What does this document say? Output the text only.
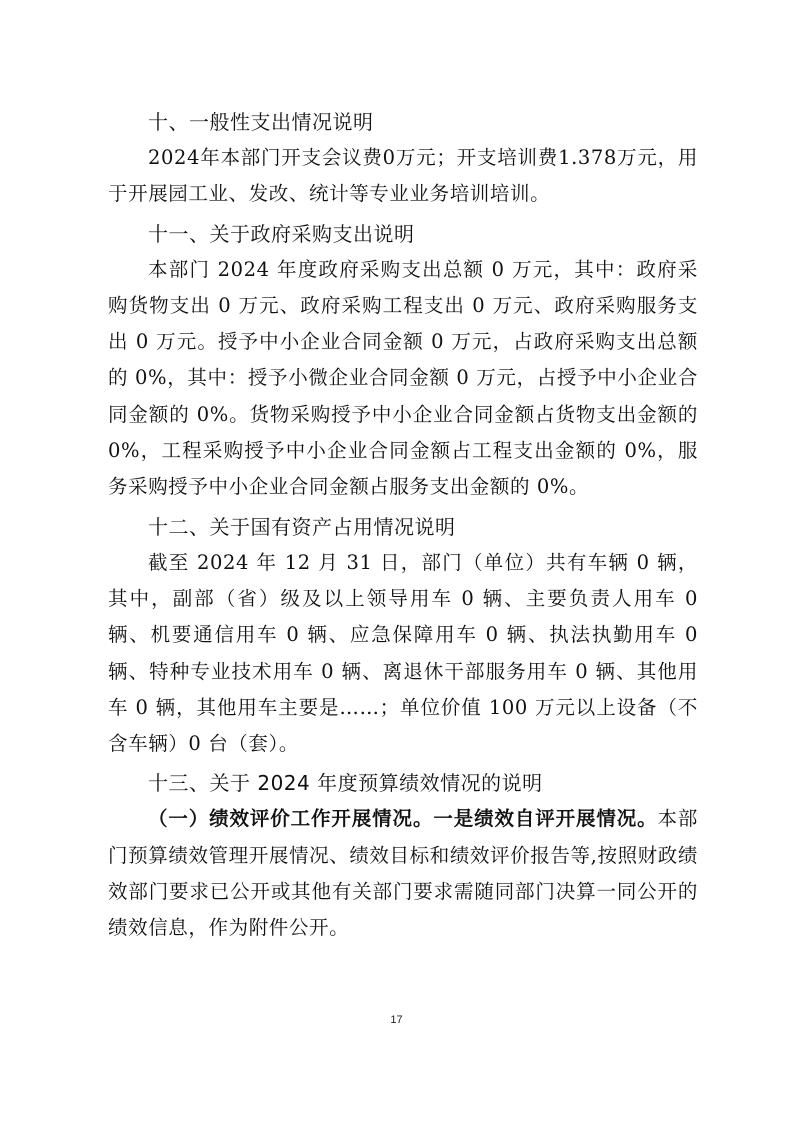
十、一般性支出情况说明

2024年本部门开支会议费0万元；开支培训费1.378万元，用于开展园工业、发改、统计等专业业务培训培训。

十一、关于政府采购支出说明

本部门 2024 年度政府采购支出总额 0 万元，其中：政府采购货物支出 0 万元、政府采购工程支出 0 万元、政府采购服务支出 0 万元。授予中小企业合同金额 0 万元，占政府采购支出总额的 0%，其中：授予小微企业合同金额 0 万元，占授予中小企业合同金额的 0%。货物采购授予中小企业合同金额占货物支出金额的 0%，工程采购授予中小企业合同金额占工程支出金额的 0%，服务采购授予中小企业合同金额占服务支出金额的 0%。

十二、关于国有资产占用情况说明

截至 2024 年 12 月 31 日，部门（单位）共有车辆 0 辆，其中，副部（省）级及以上领导用车 0 辆、主要负责人用车 0 辆、机要通信用车 0 辆、应急保障用车 0 辆、执法执勤用车 0 辆、特种专业技术用车 0 辆、离退休干部服务用车 0 辆、其他用车 0 辆，其他用车主要是……；单位价值 100 万元以上设备（不含车辆）0 台（套）。

十三、关于 2024 年度预算绩效情况的说明

（一）绩效评价工作开展情况。一是绩效自评开展情况。本部门预算绩效管理开展情况、绩效目标和绩效评价报告等,按照财政绩效部门要求已公开或其他有关部门要求需随同部门决算一同公开的绩效信息，作为附件公开。

17
